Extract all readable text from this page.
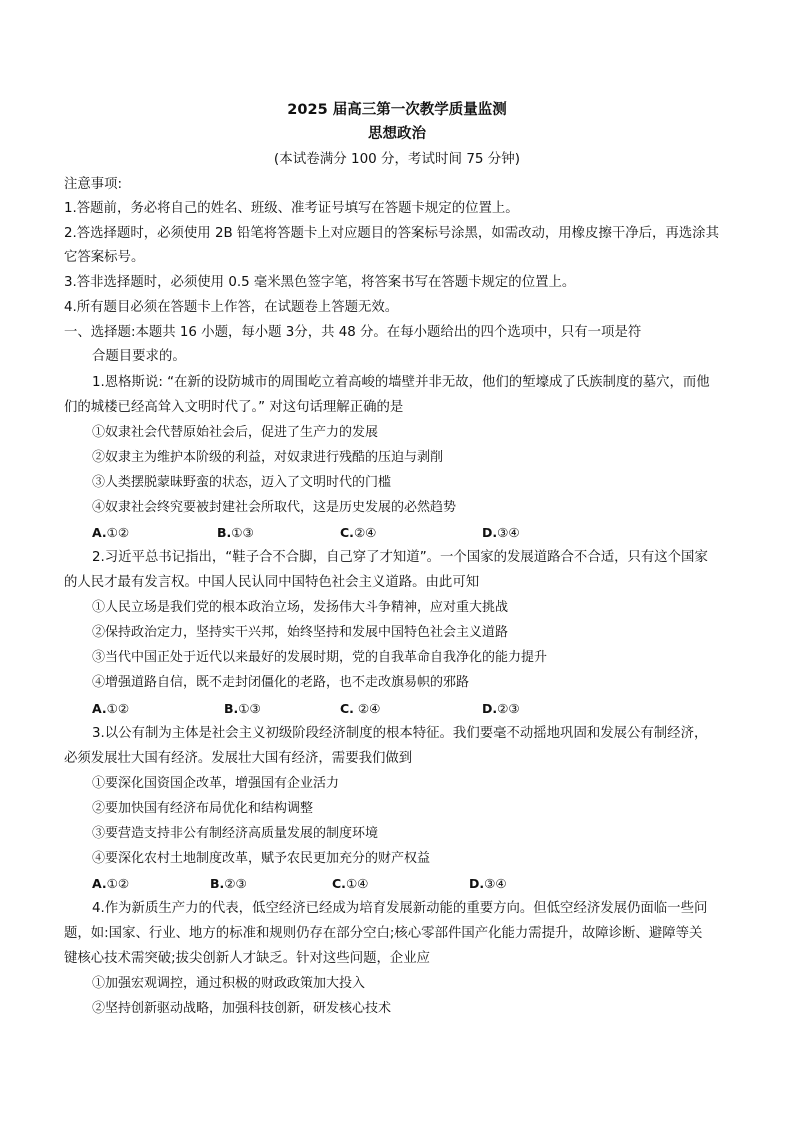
2025 届高三第一次教学质量监测
思想政治
(本试卷满分 100 分，考试时间 75 分钟)
注意事项:
1.答题前，务必将自己的姓名、班级、准考证号填写在答题卡规定的位置上。
2.答选择题时，必须使用 2B 铅笔将答题卡上对应题目的答案标号涂黑，如需改动，用橡皮擦干净后，再选涂其
它答案标号。
3.答非选择题时，必须使用 0.5 毫米黑色签字笔，将答案书写在答题卡规定的位置上。
4.所有题目必须在答题卡上作答，在试题卷上答题无效。
一、选择题:本题共 16 小题，每小题 3分，共 48 分。在每小题给出的四个选项中，只有一项是符
合题目要求的。
1.恩格斯说: “在新的设防城市的周围屹立着高峻的墙壁并非无故，他们的堑壕成了氏族制度的墓穴，而他
们的城楼已经高耸入文明时代了。” 对这句话理解正确的是
①奴隶社会代替原始社会后，促进了生产力的发展
②奴隶主为维护本阶级的利益，对奴隶进行残酷的压迫与剥削
③人类摆脱蒙昧野蛮的状态，迈入了文明时代的门槛
④奴隶社会终究要被封建社会所取代，这是历史发展的必然趋势
A.①②	B.①③	C.②④	D.③④
2.习近平总书记指出，“鞋子合不合脚，自己穿了才知道”。一个国家的发展道路合不合适，只有这个国家
的人民才最有发言权。中国人民认同中国特色社会主义道路。由此可知
①人民立场是我们党的根本政治立场，发扬伟大斗争精神，应对重大挑战
②保持政治定力，坚持实干兴邦，始终坚持和发展中国特色社会主义道路
③当代中国正处于近代以来最好的发展时期，党的自我革命自我净化的能力提升
④增强道路自信，既不走封闭僵化的老路，也不走改旗易帜的邪路
A.①②	B.①③	C. ②④	D.②③
3.以公有制为主体是社会主义初级阶段经济制度的根本特征。我们要毫不动摇地巩固和发展公有制经济，
必须发展壮大国有经济。发展壮大国有经济，需要我们做到
①要深化国资国企改革，增强国有企业活力
②要加快国有经济布局优化和结构调整
③要营造支持非公有制经济高质量发展的制度环境
④要深化农村土地制度改革，赋予农民更加充分的财产权益
A.①②	B.②③	C.①④	D.③④
4.作为新质生产力的代表，低空经济已经成为培育发展新动能的重要方向。但低空经济发展仍面临一些问
题，如:国家、行业、地方的标准和规则仍存在部分空白;核心零部件国产化能力需提升，故障诊断、避障等关
键核心技术需突破;拔尖创新人才缺乏。针对这些问题，企业应
①加强宏观调控，通过积极的财政政策加大投入
②坚持创新驱动战略，加强科技创新，研发核心技术
